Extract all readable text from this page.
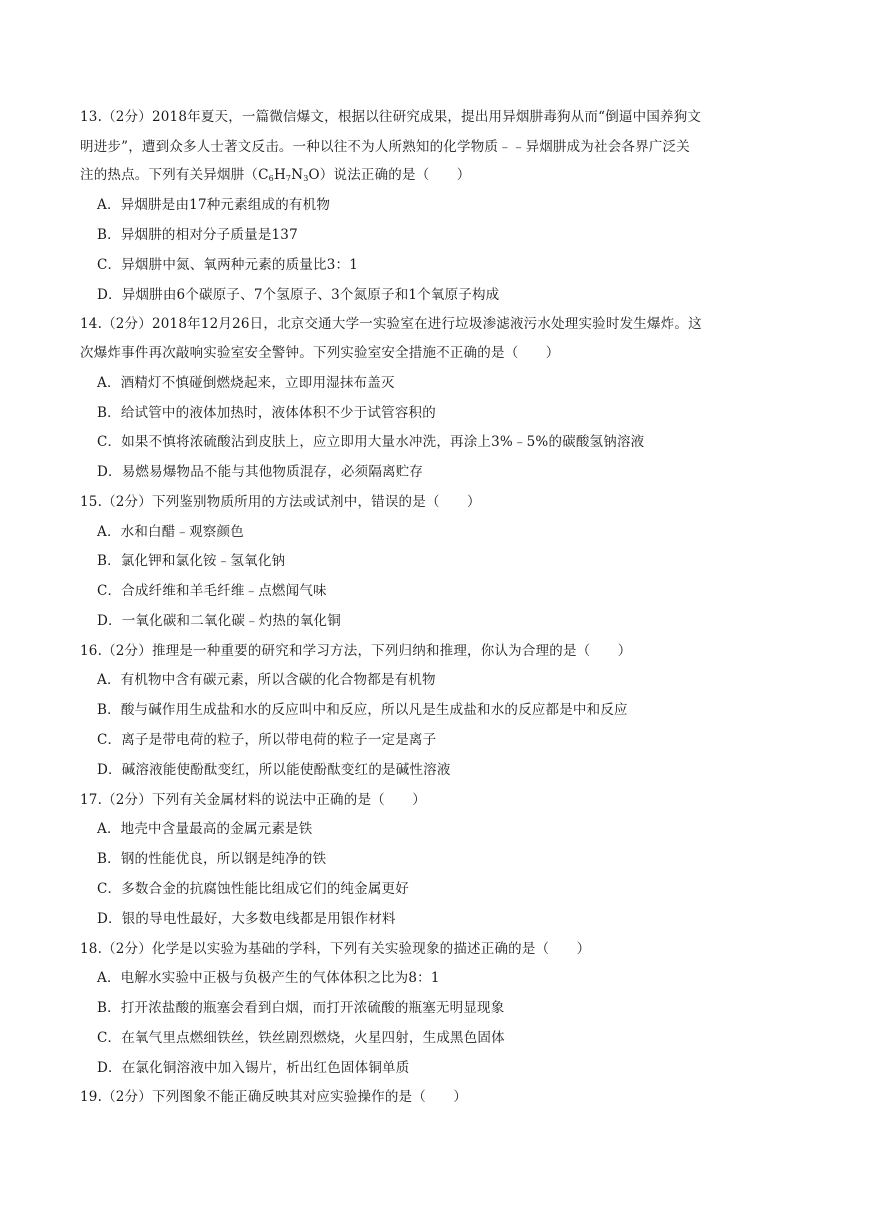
13.（2分）2018年夏天，一篇微信爆文，根据以往研究成果，提出用异烟肼毒狗从而“倒逼中国养狗文
明进步”，遭到众多人士著文反击。一种以往不为人所熟知的化学物质﹣﹣异烟肼成为社会各界广泛关
注的热点。下列有关异烟肼$(C_6H_7N_3O)$说法正确的是（　　）
A．异烟肼是由17种元素组成的有机物
B．异烟肼的相对分子质量是137
C．异烟肼中氮、氧两种元素的质量比3：1
D．异烟肼由6个碳原子、7个氢原子、3个氮原子和1个氧原子构成
14.（2分）2018年12月26日，北京交通大学一实验室在进行垃圾渗滤液污水处理实验时发生爆炸。这
次爆炸事件再次敲响实验室安全警钟。下列实验室安全措施不正确的是（　　）
A．酒精灯不慎碰倒燃烧起来，立即用湿抹布盖灭
B．给试管中的液体加热时，液体体积不少于试管容积的
C．如果不慎将浓硫酸沾到皮肤上，应立即用大量水冲洗，再涂上3%﹣5%的碳酸氢钠溶液
D．易燃易爆物品不能与其他物质混存，必须隔离贮存
15.（2分）下列鉴别物质所用的方法或试剂中，错误的是（　　）
A．水和白醋﹣观察颜色
B．氯化钾和氯化铵﹣氢氧化钠
C．合成纤维和羊毛纤维﹣点燃闻气味
D．一氧化碳和二氧化碳﹣灼热的氧化铜
16.（2分）推理是一种重要的研究和学习方法，下列归纳和推理，你认为合理的是（　　）
A．有机物中含有碳元素，所以含碳的化合物都是有机物
B．酸与碱作用生成盐和水的反应叫中和反应，所以凡是生成盐和水的反应都是中和反应
C．离子是带电荷的粒子，所以带电荷的粒子一定是离子
D．碱溶液能使酚酞变红，所以能使酚酞变红的是碱性溶液
17.（2分）下列有关金属材料的说法中正确的是（　　）
A．地壳中含量最高的金属元素是铁
B．钢的性能优良，所以钢是纯净的铁
C．多数合金的抗腐蚀性能比组成它们的纯金属更好
D．银的导电性最好，大多数电线都是用银作材料
18.（2分）化学是以实验为基础的学科，下列有关实验现象的描述正确的是（　　）
A．电解水实验中正极与负极产生的气体体积之比为8：1
B．打开浓盐酸的瓶塞会看到白烟，而打开浓硫酸的瓶塞无明显现象
C．在氧气里点燃细铁丝，铁丝剧烈燃烧，火星四射，生成黑色固体
D．在氯化铜溶液中加入锡片，析出红色固体铜单质
19.（2分）下列图象不能正确反映其对应实验操作的是（　　）
